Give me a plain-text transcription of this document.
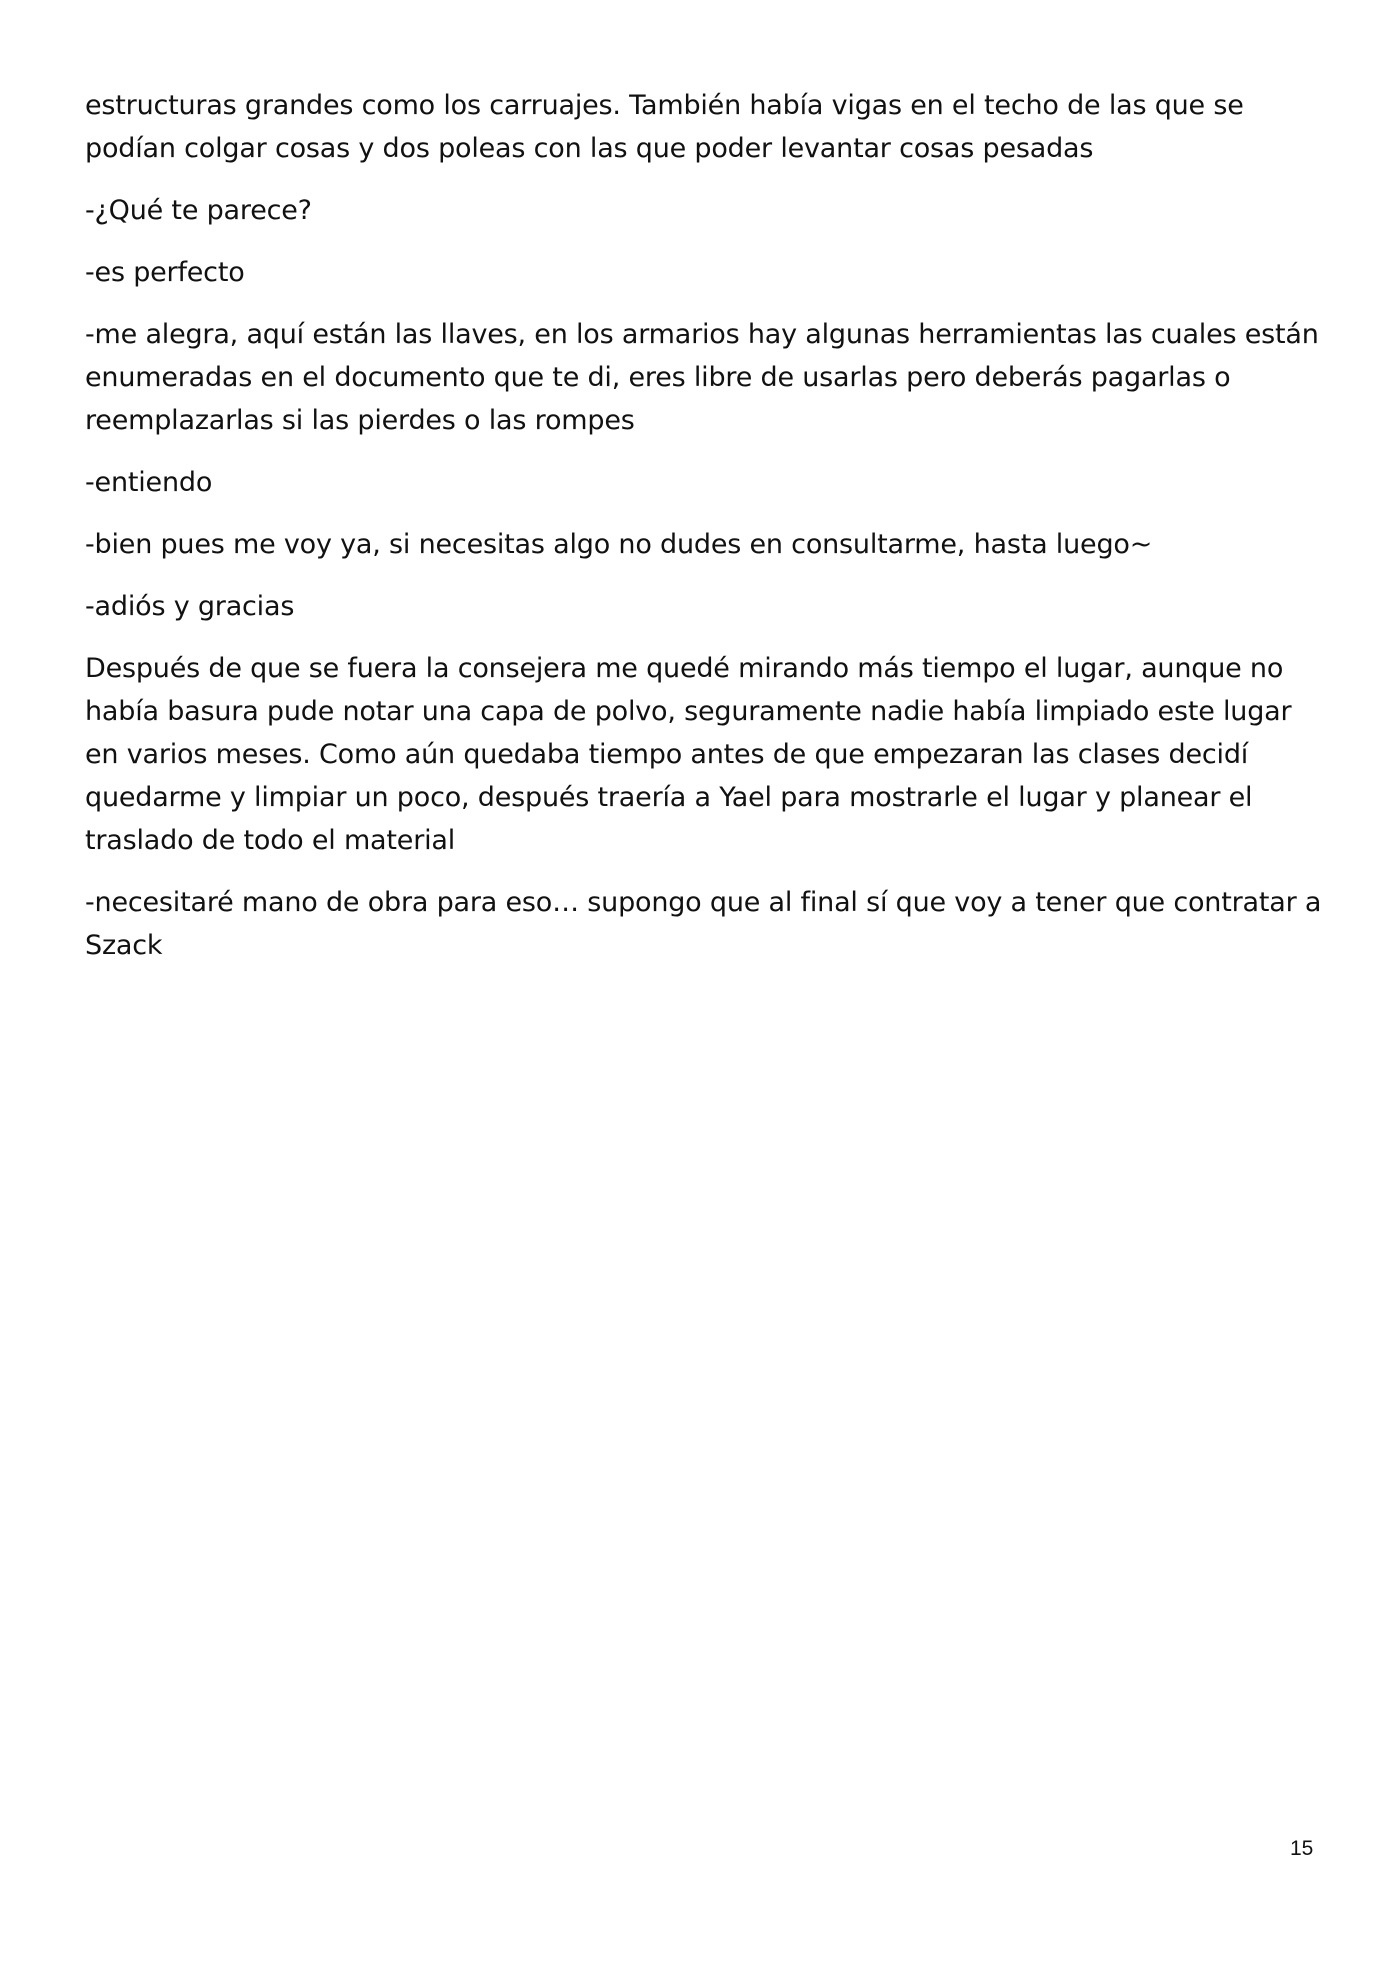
estructuras grandes como los carruajes. También había vigas en el techo de las que se podían colgar cosas y dos poleas con las que poder levantar cosas pesadas

-¿Qué te parece?

-es perfecto

-me alegra, aquí están las llaves, en los armarios hay algunas herramientas las cuales están enumeradas en el documento que te di, eres libre de usarlas pero deberás pagarlas o reemplazarlas si las pierdes o las rompes

-entiendo

-bien pues me voy ya, si necesitas algo no dudes en consultarme, hasta luego~

-adiós y gracias

Después de que se fuera la consejera me quedé mirando más tiempo el lugar, aunque no había basura pude notar una capa de polvo, seguramente nadie había limpiado este lugar en varios meses. Como aún quedaba tiempo antes de que empezaran las clases decidí quedarme y limpiar un poco, después traería a Yael para mostrarle el lugar y planear el traslado de todo el material

-necesitaré mano de obra para eso… supongo que al final sí que voy a tener que contratar a Szack

15
